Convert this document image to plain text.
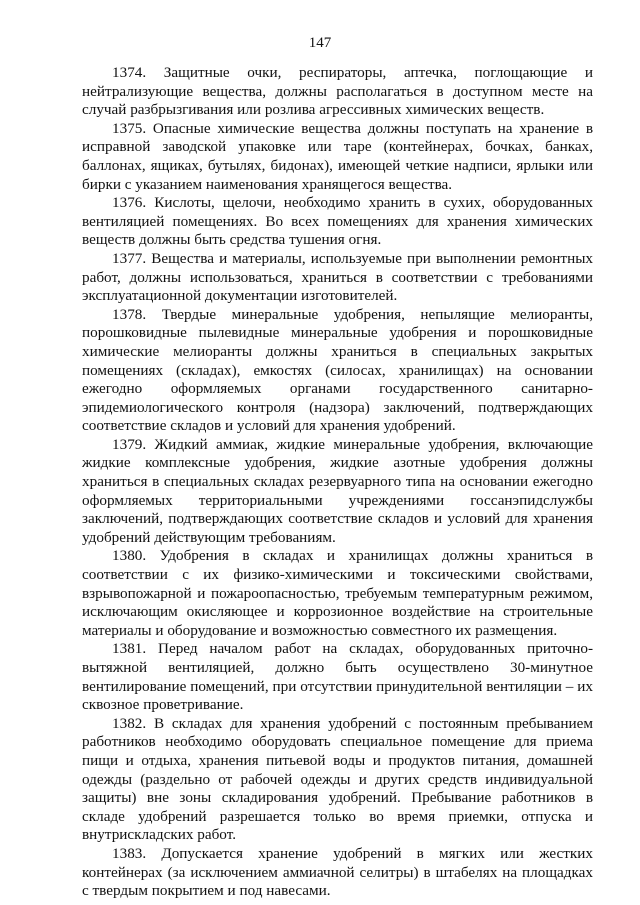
147

1374. Защитные очки, респираторы, аптечка, поглощающие и нейтрализующие вещества, должны располагаться в доступном месте на случай разбрызгивания или розлива агрессивных химических веществ.

1375. Опасные химические вещества должны поступать на хранение в исправной заводской упаковке или таре (контейнерах, бочках, банках, баллонах, ящиках, бутылях, бидонах), имеющей четкие надписи, ярлыки или бирки с указанием наименования хранящегося вещества.

1376. Кислоты, щелочи, необходимо хранить в сухих, оборудованных вентиляцией помещениях. Во всех помещениях для хранения химических веществ должны быть средства тушения огня.

1377. Вещества и материалы, используемые при выполнении ремонтных работ, должны использоваться, храниться в соответствии с требованиями эксплуатационной документации изготовителей.

1378. Твердые минеральные удобрения, непылящие мелиоранты, порошковидные пылевидные минеральные удобрения и порошковидные химические мелиоранты должны храниться в специальных закрытых помещениях (складах), емкостях (силосах, хранилищах) на основании ежегодно оформляемых органами государственного санитарно-эпидемиологического контроля (надзора) заключений, подтверждающих соответствие складов и условий для хранения удобрений.

1379. Жидкий аммиак, жидкие минеральные удобрения, включающие жидкие комплексные удобрения, жидкие азотные удобрения должны храниться в специальных складах резервуарного типа на основании ежегодно оформляемых территориальными учреждениями госсанэпидслужбы заключений, подтверждающих соответствие складов и условий для хранения удобрений действующим требованиям.

1380. Удобрения в складах и хранилищах должны храниться в соответствии с их физико-химическими и токсическими свойствами, взрывопожарной и пожароопасностью, требуемым температурным режимом, исключающим окисляющее и коррозионное воздействие на строительные материалы и оборудование и возможностью совместного их размещения.

1381. Перед началом работ на складах, оборудованных приточно-вытяжной вентиляцией, должно быть осуществлено 30-минутное вентилирование помещений, при отсутствии принудительной вентиляции – их сквозное проветривание.

1382. В складах для хранения удобрений с постоянным пребыванием работников необходимо оборудовать специальное помещение для приема пищи и отдыха, хранения питьевой воды и продуктов питания, домашней одежды (раздельно от рабочей одежды и других средств индивидуальной защиты) вне зоны складирования удобрений. Пребывание работников в складе удобрений разрешается только во время приемки, отпуска и внутрискладских работ.

1383. Допускается хранение удобрений в мягких или жестких контейнерах (за исключением аммиачной селитры) в штабелях на площадках с твердым покрытием и под навесами.
